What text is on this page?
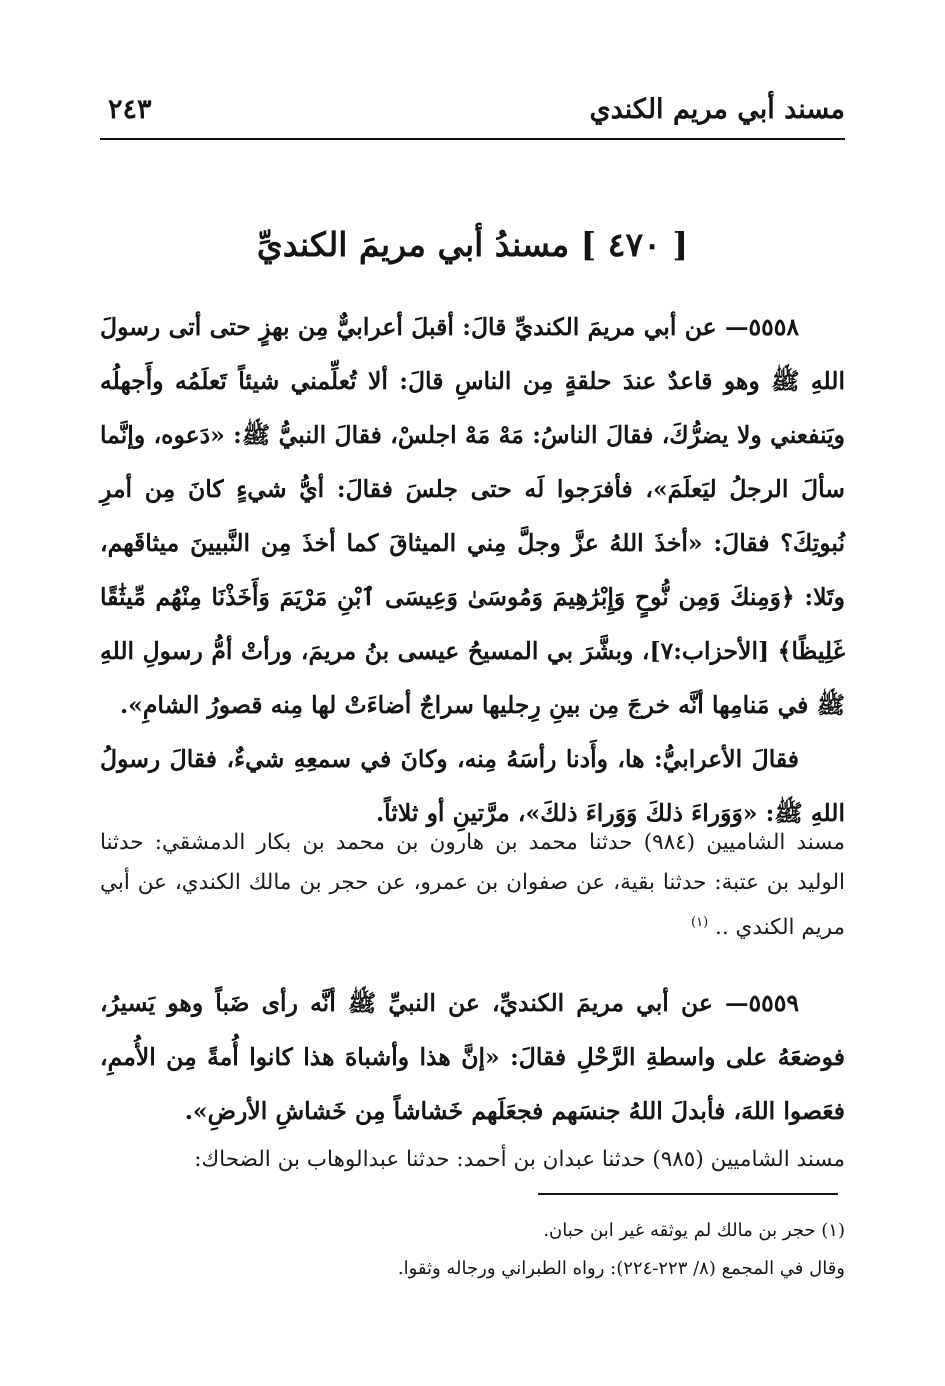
مسند أبي مريم الكندي
٢٤٣
[ ٤٧٠ ] مسندُ أبي مريمَ الكنديِّ

٥٥٥٨— عن أبي مريمَ الكنديِّ قالَ: أقبلَ أعرابيٌّ مِن بهزٍ حتى أتى رسولَ اللهِ ﷺ وهو قاعدٌ عندَ حلقةٍ مِن الناسِ قالَ: ألا تُعلِّمني شيئاً تَعلَمُه وأَجهلُه ويَنفعني ولا يضرُّكَ، فقالَ الناسُ: مَهْ مَهْ اجلسْ، فقالَ النبيُّ ﷺ: «دَعوه، وإنَّما سألَ الرجلُ ليَعلَمَ»، فأفرَجوا لَه حتى جلسَ فقالَ: أيُّ شيءٍ كانَ مِن أمرِ نُبوتِكَ؟ فقالَ: «أخذَ اللهُ عزَّ وجلَّ مِني الميثاقَ كما أخذَ مِن النَّبيينَ ميثاقَهم، وتَلا: ﴿وَمِنكَ وَمِن نُّوحٍ وَإِبْرَٰهِيمَ وَمُوسَىٰ وَعِيسَى ٱبْنِ مَرْيَمَ وَأَخَذْنَا مِنْهُم مِّيثَٰقًا غَلِيظًا﴾ [الأحزاب:٧]، وبشَّرَ بي المسيحُ عيسى بنُ مريمَ، ورأتْ أمُّ رسولِ اللهِ ﷺ في مَنامِها أنَّه خرجَ مِن بينِ رِجليها سراجٌ أضاءَتْ لها مِنه قصورُ الشامِ».

فقالَ الأعرابيُّ: ها، وأَدنا رأسَهُ مِنه، وكانَ في سمعِهِ شيءٌ، فقالَ رسولُ اللهِ ﷺ: «وَوَراءَ ذلكَ وَوَراءَ ذلكَ»، مرَّتينِ أو ثلاثاً.

مسند الشاميين (٩٨٤) حدثنا محمد بن هارون بن محمد بن بكار الدمشقي: حدثنا الوليد بن عتبة: حدثنا بقية، عن صفوان بن عمرو، عن حجر بن مالك الكندي، عن أبي مريم الكندي .. $^{(١)}$

٥٥٥٩— عن أبي مريمَ الكنديِّ، عن النبيِّ ﷺ أنَّه رأى ضَباً وهو يَسيرُ، فوضعَهُ على واسطةِ الرَّحْلِ فقالَ: «إنَّ هذا وأشباهَ هذا كانوا أُمةً مِن الأُممِ، فعَصوا اللهَ، فأبدلَ اللهُ جنسَهم فجعَلَهم خَشاشاً مِن خَشاشِ الأرضِ».

مسند الشاميين (٩٨٥) حدثنا عبدان بن أحمد: حدثنا عبدالوهاب بن الضحاك:

(١) حجر بن مالك لم يوثقه غير ابن حبان.

وقال في المجمع (٨/ ٢٢٣-٢٢٤): رواه الطبراني ورجاله وثقوا.
